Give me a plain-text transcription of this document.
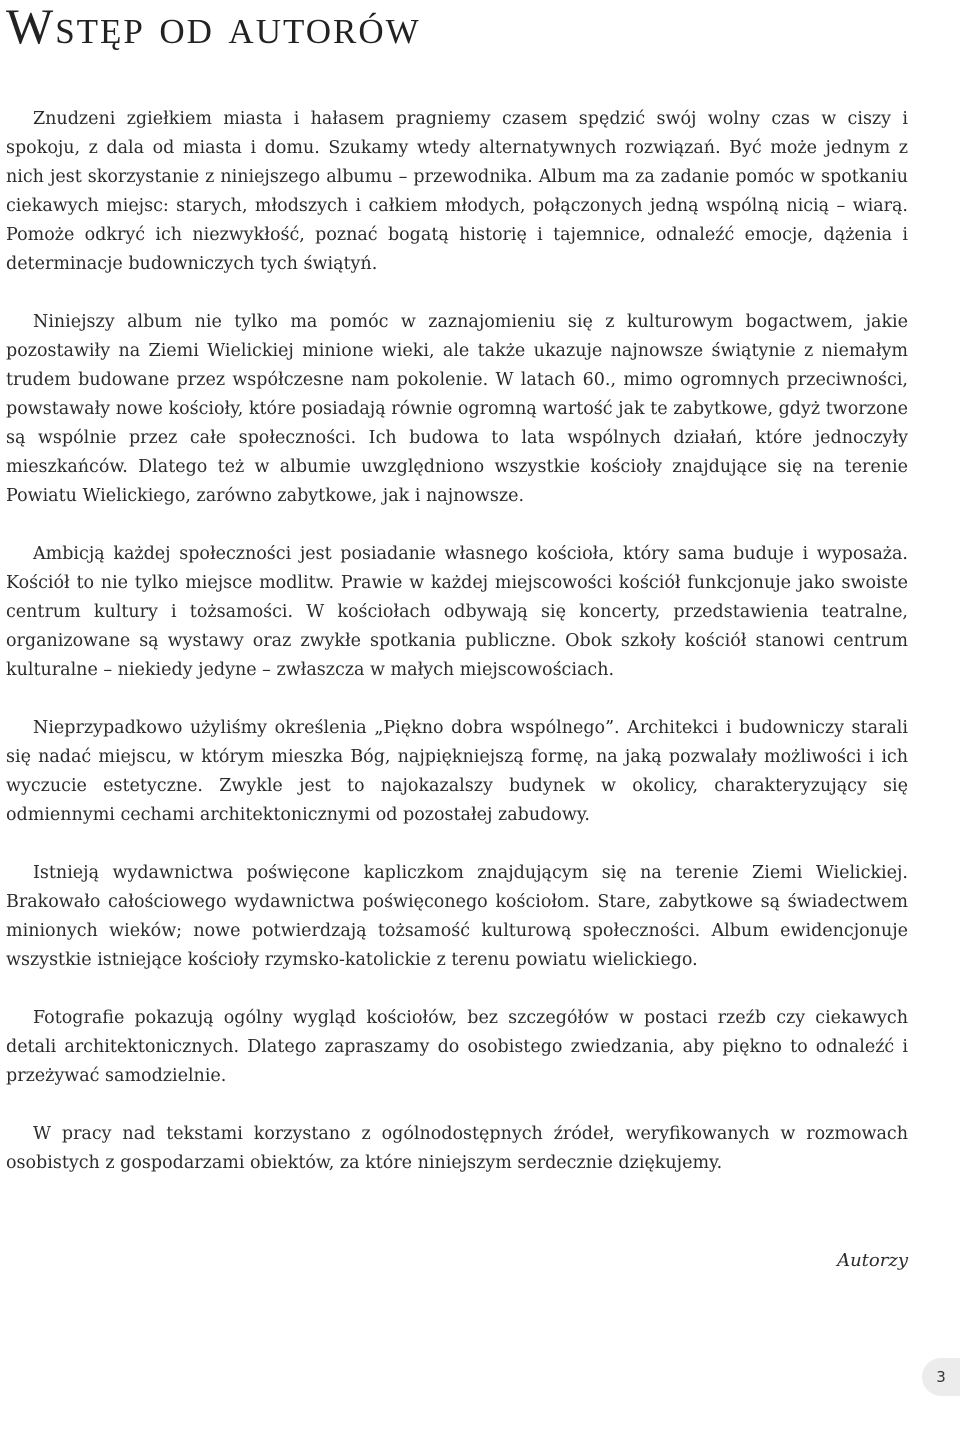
Wstęp od autorów

Znudzeni zgiełkiem miasta i hałasem pragniemy czasem spędzić swój wolny czas w ciszy i spokoju, z dala od miasta i domu. Szukamy wtedy alternatywnych rozwiązań. Być może jednym z nich jest skorzystanie z niniejszego albumu – przewodnika. Album ma za zadanie pomóc w spotkaniu ciekawych miejsc: starych, młodszych i całkiem młodych, połączonych jedną wspólną nicią – wiarą. Pomoże odkryć ich niezwykłość, poznać bogatą historię i tajemnice, odnaleźć emocje, dążenia i determinacje budowniczych tych świątyń.

Niniejszy album nie tylko ma pomóc w zaznajomieniu się z kulturowym bogactwem, jakie pozostawiły na Ziemi Wielickiej minione wieki, ale także ukazuje najnowsze świątynie z niemałym trudem budowane przez współczesne nam pokolenie. W latach 60., mimo ogromnych przeciwności, powstawały nowe kościoły, które posiadają równie ogromną wartość jak te zabytkowe, gdyż tworzone są wspólnie przez całe społeczności. Ich budowa to lata wspólnych działań, które jednoczyły mieszkańców. Dlatego też w albumie uwzględniono wszystkie kościoły znajdujące się na terenie Powiatu Wielickiego, zarówno zabytkowe, jak i najnowsze.

Ambicją każdej społeczności jest posiadanie własnego kościoła, który sama buduje i wyposaża. Kościół to nie tylko miejsce modlitw. Prawie w każdej miejscowości kościół funkcjonuje jako swoiste centrum kultury i tożsamości. W kościołach odbywają się koncerty, przedstawienia teatralne, organizowane są wystawy oraz zwykłe spotkania publiczne. Obok szkoły kościół stanowi centrum kulturalne – niekiedy jedyne – zwłaszcza w małych miejscowościach.

Nieprzypadkowo użyliśmy określenia „Piękno dobra wspólnego”. Architekci i budowniczy starali się nadać miejscu, w którym mieszka Bóg, najpiękniejszą formę, na jaką pozwalały możliwości i ich wyczucie estetyczne. Zwykle jest to najokazalszy budynek w okolicy, charakteryzujący się odmiennymi cechami architektonicznymi od pozostałej zabudowy.

Istnieją wydawnictwa poświęcone kapliczkom znajdującym się na terenie Ziemi Wielickiej. Brakowało całościowego wydawnictwa poświęconego kościołom. Stare, zabytkowe są świadectwem minionych wieków; nowe potwierdzają tożsamość kulturową społeczności. Album ewidencjonuje wszystkie istniejące kościoły rzymsko-katolickie z terenu powiatu wielickiego.

Fotografie pokazują ogólny wygląd kościołów, bez szczegółów w postaci rzeźb czy ciekawych detali architektonicznych. Dlatego zapraszamy do osobistego zwiedzania, aby piękno to odnaleźć i przeżywać samodzielnie.

W pracy nad tekstami korzystano z ogólnodostępnych źródeł, weryfikowanych w rozmowach osobistych z gospodarzami obiektów, za które niniejszym serdecznie dziękujemy.

Autorzy
3
